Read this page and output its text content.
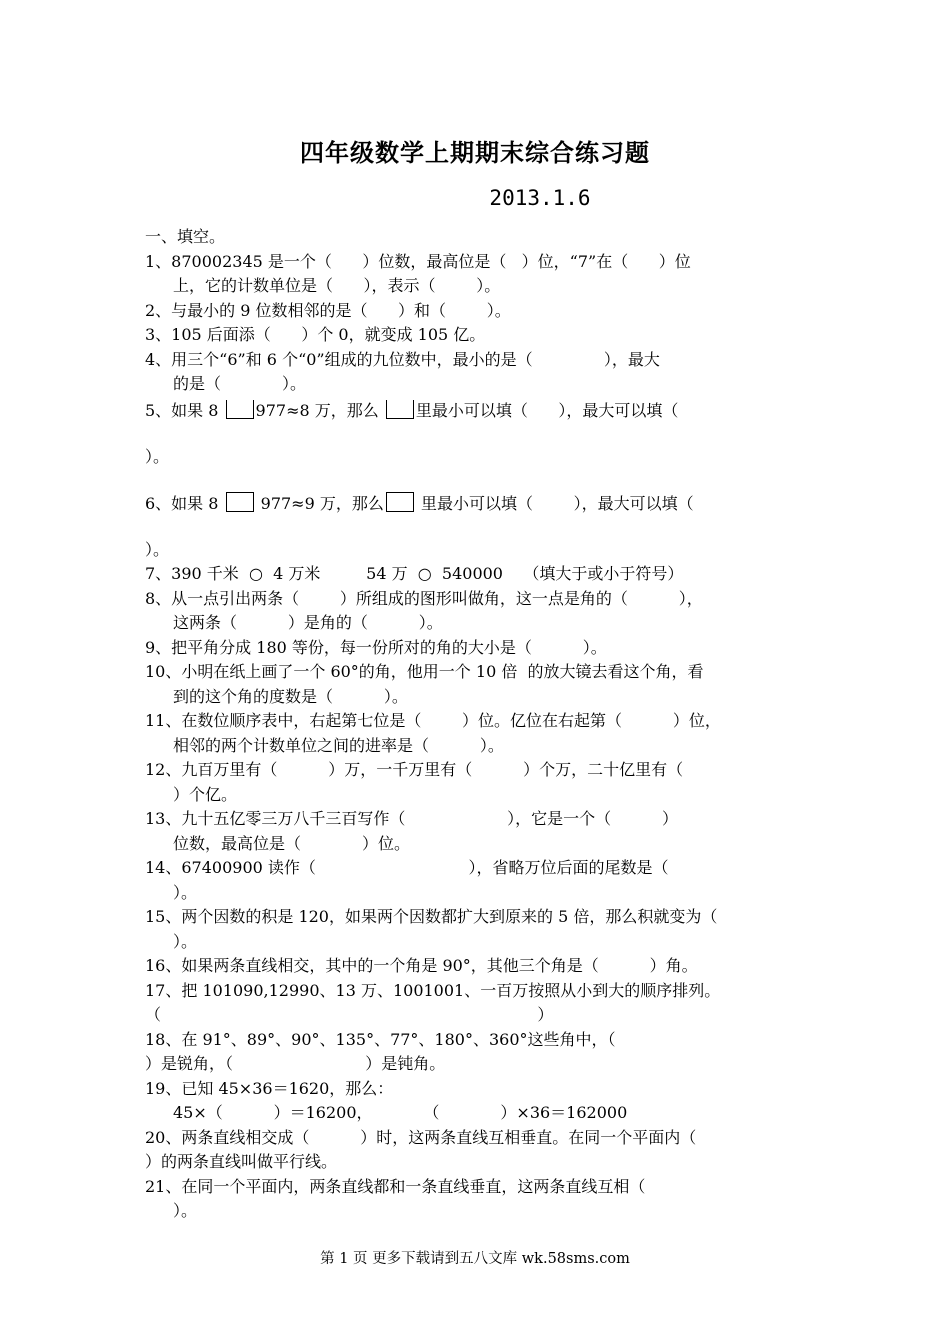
四年级数学上期期末综合练习题
2013.1.6
一、填空。
1、870002345 是一个（      ）位数，最高位是（   ）位，“7”在（      ）位
上，它的计数单位是（      ），表示（        ）。
2、与最小的 9 位数相邻的是（      ）和（        ）。
3、105 后面添（      ）个 0，就变成 105 亿。
4、用三个“6”和 6 个“0”组成的九位数中，最小的是（              ），最大
的是（            ）。
5、如果 8 977≈8 万，那么 里最小可以填（      ），最大可以填（
）。
6、如果 8  977≈9 万，那么 里最小可以填（        ），最大可以填（
）。
7、390 千米  ○  4 万米         54 万  ○  540000    （填大于或小于符号）
8、从一点引出两条（        ）所组成的图形叫做角，这一点是角的（          ），
这两条（          ）是角的（          ）。
9、把平角分成 180 等份，每一份所对的角的大小是（          ）。
10、小明在纸上画了一个 60°的角，他用一个 10 倍  的放大镜去看这个角，看
到的这个角的度数是（          ）。
11、在数位顺序表中，右起第七位是（        ）位。亿位在右起第（          ）位，
相邻的两个计数单位之间的进率是（          ）。
12、九百万里有（          ）万，一千万里有（          ）个万，二十亿里有（
）个亿。
13、九十五亿零三万八千三百写作（                    ），它是一个（          ）
位数，最高位是（            ）位。
14、67400900 读作（                              ），省略万位后面的尾数是（
）。
15、两个因数的积是 120，如果两个因数都扩大到原来的 5 倍，那么积就变为（
）。
16、如果两条直线相交，其中的一个角是 90°，其他三个角是（          ）角。
17、把 101090,12990、13 万、1001001、一百万按照从小到大的顺序排列。
（                                                                          ）
18、在 91°、89°、90°、135°、77°、180°、360°这些角中，（
）是锐角，（                          ）是钝角。
19、已知 45×36＝1620，那么：
45×（          ）＝16200，          （            ）×36＝162000
20、两条直线相交成（          ）时，这两条直线互相垂直。在同一个平面内（
）的两条直线叫做平行线。
21、在同一个平面内，两条直线都和一条直线垂直，这两条直线互相（
）。
第 1 页 更多下载请到五八文库 wk.58sms.com
